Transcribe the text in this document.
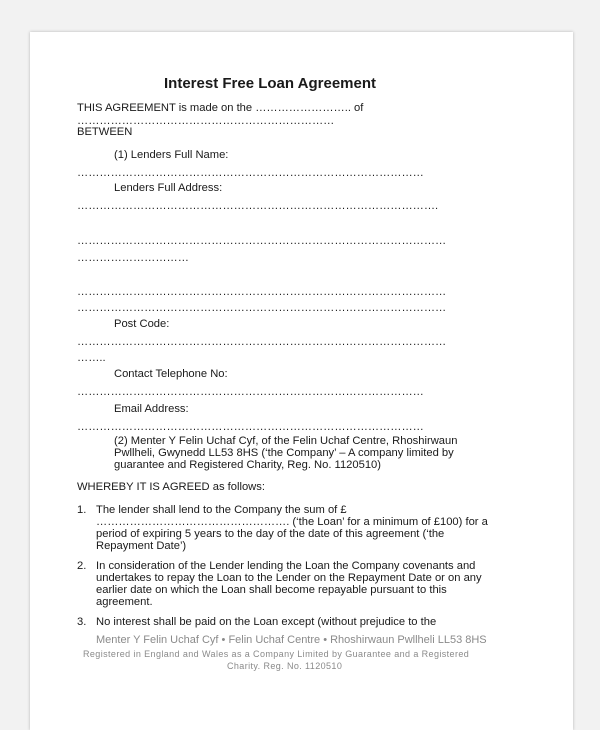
Interest Free Loan Agreement
THIS AGREEMENT is made on the …………………….. of
……………………………………………………………
BETWEEN
(1) Lenders Full Name:
…………………………………………………………………………………
Lenders Full Address:
…………………………………………………………………………………….
………………………………………………………………………………………
…………………………
………………………………………………………………………………………
………………………………………………………………………………………
Post Code:
………………………………………………………………………………………
……..
Contact Telephone No:
…………………………………………………………………………………
Email Address:
…………………………………………………………………………………
(2) Menter Y Felin Uchaf Cyf, of the Felin Uchaf Centre, Rhoshirwaun Pwllheli, Gwynedd LL53 8HS (‘the Company’ – A company limited by guarantee and Registered Charity, Reg. No. 1120510)
WHEREBY IT IS AGREED as follows:
1. The lender shall lend to the Company the sum of £ ……………………………………………. (‘the Loan’ for a minimum of £100) for a period of expiring 5 years to the day of the date of this agreement (‘the Repayment Date’)
2. In consideration of the Lender lending the Loan the Company covenants and undertakes to repay the Loan to the Lender on the Repayment Date or on any earlier date on which the Loan shall become repayable pursuant to this agreement.
3. No interest shall be paid on the Loan except (without prejudice to the
Menter Y Felin Uchaf Cyf • Felin Uchaf Centre • Rhoshirwaun Pwllheli LL53 8HS
Registered in England and Wales as a Company Limited by Guarantee and a Registered
Charity. Reg. No. 1120510
